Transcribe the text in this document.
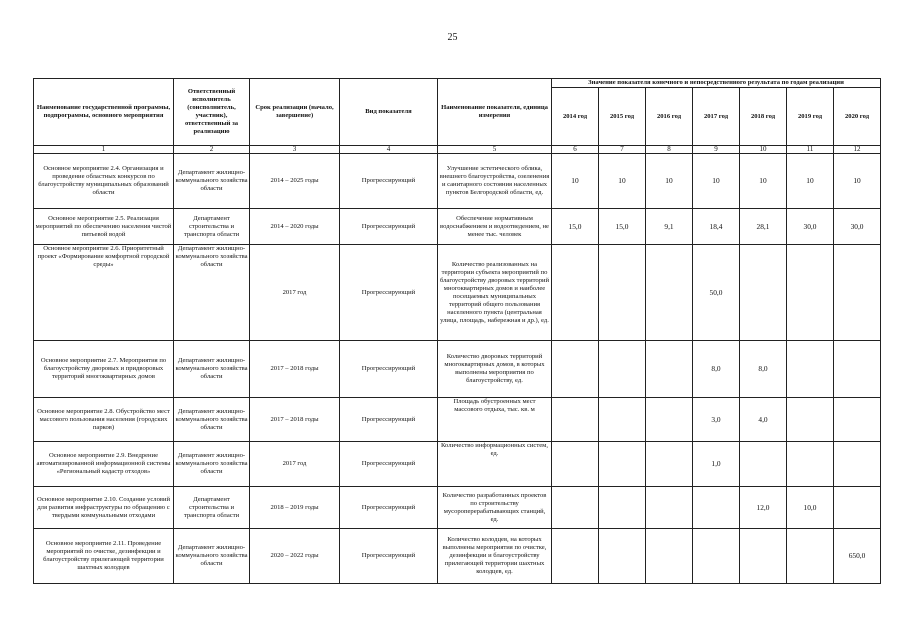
25
Наименование государственной программы, подпрограммы, основного мероприятия	Ответственный исполнитель (соисполнитель, участник), ответственный за реализацию	Срок реализации (начало, завершение)	Вид показателя	Наименование показателя, единица измерения	Значение показателя конечного и непосредственного результата по годам реализации						
					2014 год	2015 год	2016 год	2017 год	2018 год	2019 год	2020 год
1	2	3	4	5	6	7	8	9	10	11	12
Основное мероприятие 2.4. Организация и проведение областных конкурсов по благоустройству муниципальных образований области	Департамент жилищно-коммунального хозяйства области	2014 – 2025 годы	Прогрессирующий	Улучшение эстетического облика, внешнего благоустройства, озеленения и санитарного состояния населенных пунктов Белгородской области, ед.	10	10	10	10	10	10	10
Основное мероприятие 2.5. Реализация мероприятий по обеспечению населения чистой питьевой водой	Департамент строительства и транспорта области	2014 – 2020 годы	Прогрессирующий	Обеспечение нормативным водоснабжением и водоотведением, не менее тыс. человек	15,0	15,0	9,1	18,4	28,1	30,0	30,0
Основное мероприятие 2.6. Приоритетный проект «Формирование комфортной городской среды»	Департамент жилищно-коммунального хозяйства области	2017 год	Прогрессирующий	Количество реализованных на территории субъекта мероприятий по благоустройству дворовых территорий многоквартирных домов и наиболее посещаемых муниципальных территорий общего пользования населенного пункта (центральная улица, площадь, набережная и др.), ед.				50,0			
Основное мероприятие 2.7. Мероприятия по благоустройству дворовых и придворовых территорий многоквартирных домов	Департамент жилищно-коммунального хозяйства области	2017 – 2018 годы	Прогрессирующий	Количество дворовых территорий многоквартирных домов, в которых выполнены мероприятия по благоустройству, ед.				8,0	8,0		
Основное мероприятие 2.8. Обустройство мест массового пользования населения (городских парков)	Департамент жилищно-коммунального хозяйства области	2017 – 2018 годы	Прогрессирующий	Площадь обустроенных мест массового отдыха, тыс. кв. м				3,0	4,0		
Основное мероприятие 2.9. Внедрение автоматизированной информационной системы «Региональный кадастр отходов»	Департамент жилищно-коммунального хозяйства области	2017 год	Прогрессирующий	Количество информационных систем, ед.				1,0			
Основное мероприятие 2.10. Создание условий для развития инфраструктуры по обращению с твердыми коммунальными отходами	Департамент строительства и транспорта области	2018 – 2019 годы	Прогрессирующий	Количество разработанных проектов по строительству мусороперерабатывающих станций, ед.					12,0	10,0	
Основное мероприятие 2.11. Проведение мероприятий по очистке, дезинфекции и благоустройству прилегающей территории шахтных колодцев	Департамент жилищно-коммунального хозяйства области	2020 – 2022 годы	Прогрессирующий	Количество колодцев, на которых выполнены мероприятия по очистке, дезинфекции и благоустройству прилегающей территории шахтных колодцев, ед.							650,0
